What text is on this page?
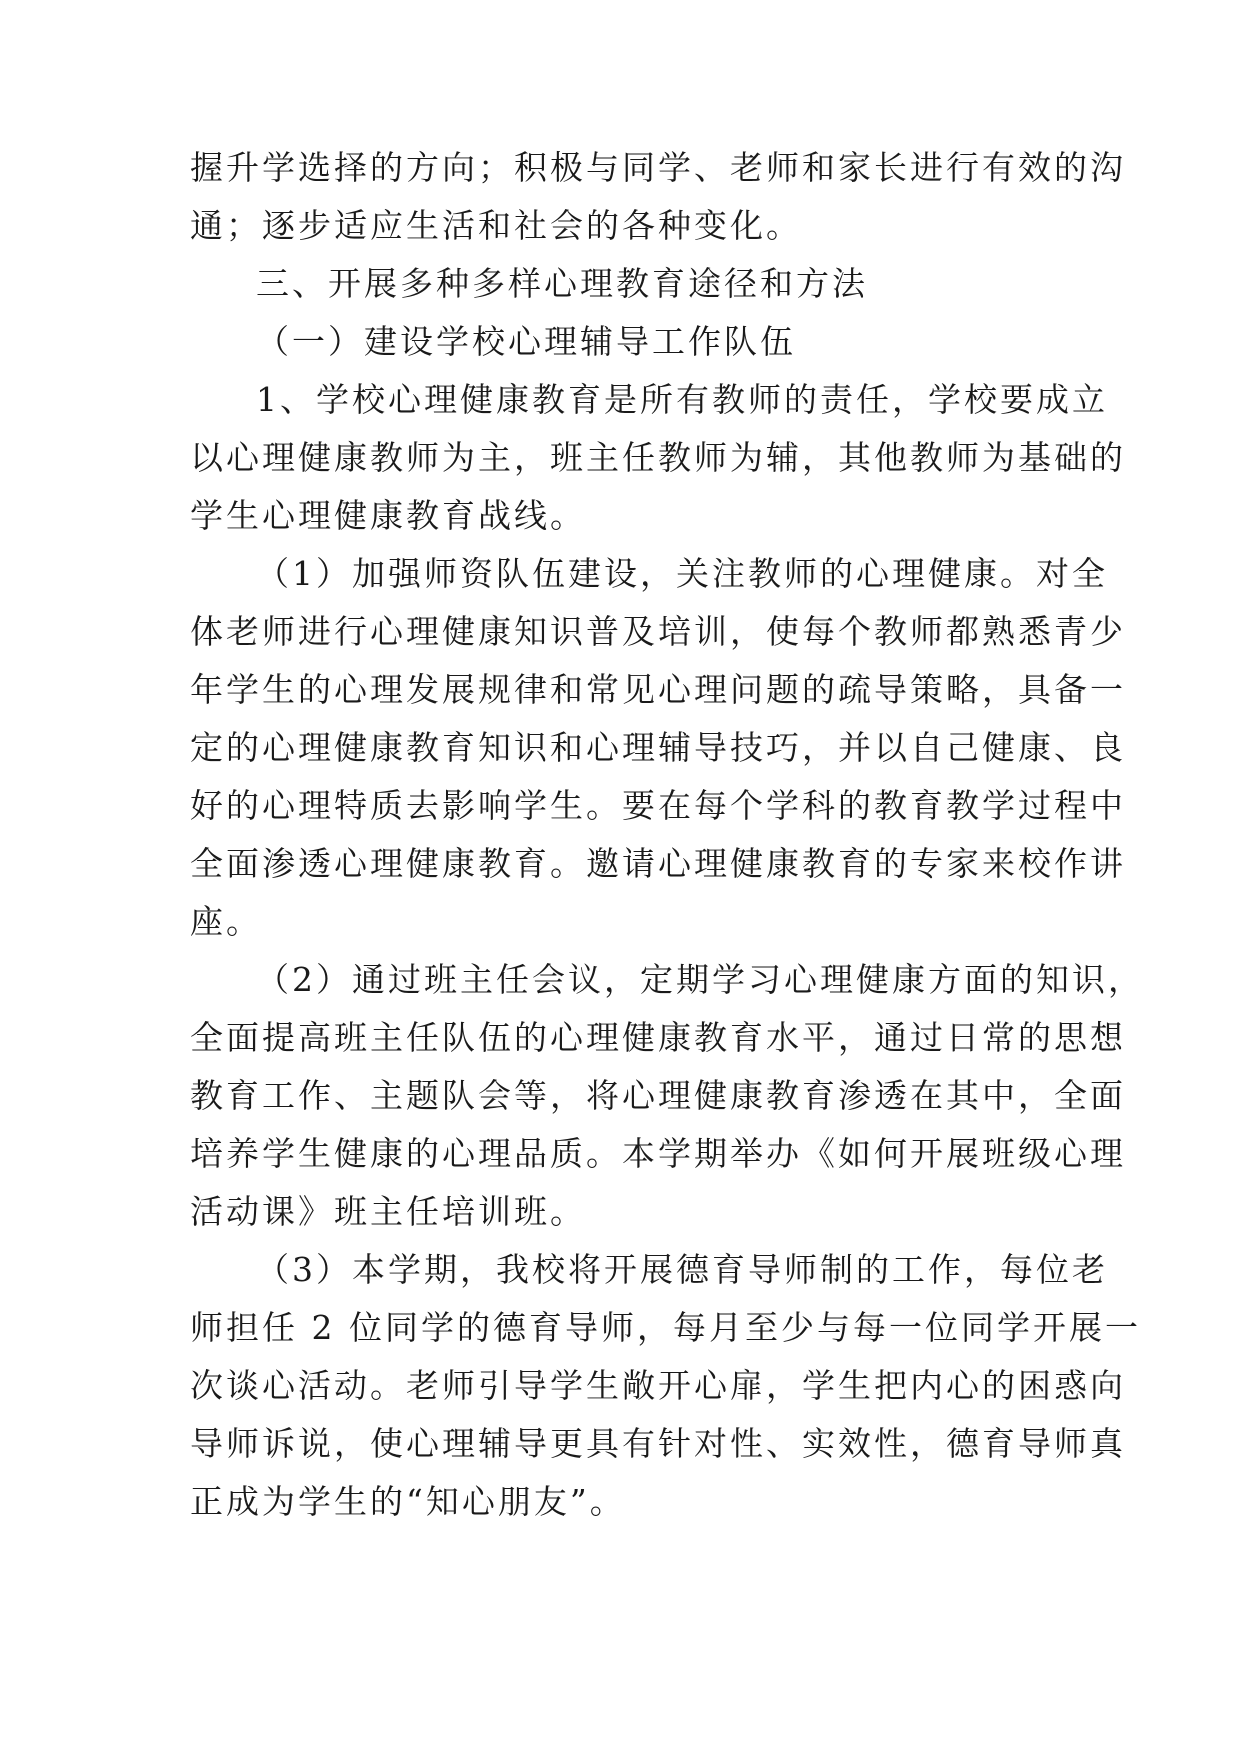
握升学选择的方向；积极与同学、老师和家长进行有效的沟
通；逐步适应生活和社会的各种变化。
三、开展多种多样心理教育途径和方法
（一）建设学校心理辅导工作队伍
1、学校心理健康教育是所有教师的责任，学校要成立
以心理健康教师为主，班主任教师为辅，其他教师为基础的
学生心理健康教育战线。
（1）加强师资队伍建设，关注教师的心理健康。对全
体老师进行心理健康知识普及培训，使每个教师都熟悉青少
年学生的心理发展规律和常见心理问题的疏导策略，具备一
定的心理健康教育知识和心理辅导技巧，并以自己健康、良
好的心理特质去影响学生。要在每个学科的教育教学过程中
全面渗透心理健康教育。邀请心理健康教育的专家来校作讲
座。
（2）通过班主任会议，定期学习心理健康方面的知识，
全面提高班主任队伍的心理健康教育水平，通过日常的思想
教育工作、主题队会等，将心理健康教育渗透在其中，全面
培养学生健康的心理品质。本学期举办《如何开展班级心理
活动课》班主任培训班。
（3）本学期，我校将开展德育导师制的工作，每位老
师担任 2 位同学的德育导师，每月至少与每一位同学开展一
次谈心活动。老师引导学生敞开心扉，学生把内心的困惑向
导师诉说，使心理辅导更具有针对性、实效性，德育导师真
正成为学生的“知心朋友”。
